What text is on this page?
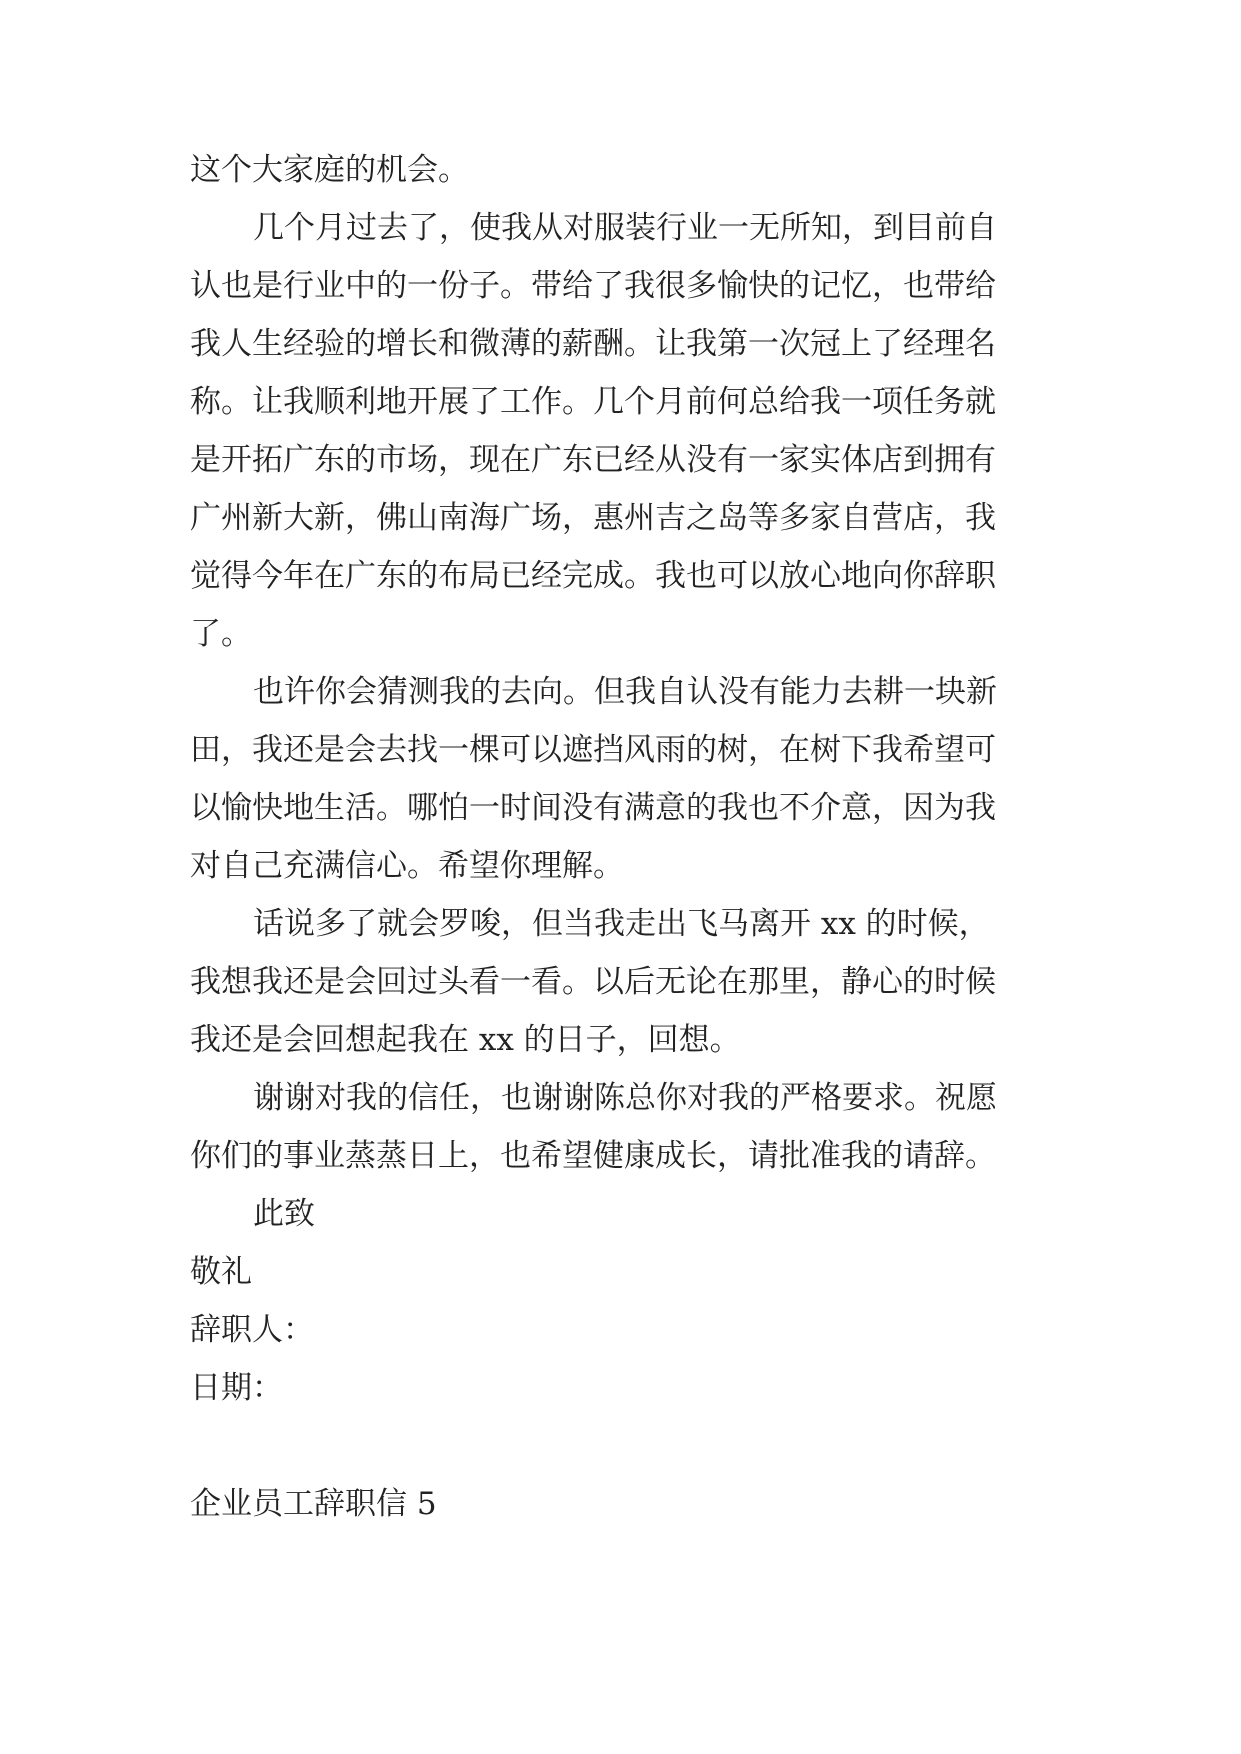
这个大家庭的机会。
几个月过去了，使我从对服装行业一无所知，到目前自
认也是行业中的一份子。带给了我很多愉快的记忆，也带给
我人生经验的增长和微薄的薪酬。让我第一次冠上了经理名
称。让我顺利地开展了工作。几个月前何总给我一项任务就
是开拓广东的市场，现在广东已经从没有一家实体店到拥有
广州新大新，佛山南海广场，惠州吉之岛等多家自营店，我
觉得今年在广东的布局已经完成。我也可以放心地向你辞职
了。
也许你会猜测我的去向。但我自认没有能力去耕一块新
田，我还是会去找一棵可以遮挡风雨的树，在树下我希望可
以愉快地生活。哪怕一时间没有满意的我也不介意，因为我
对自己充满信心。希望你理解。
话说多了就会罗唆，但当我走出飞马离开 xx 的时候，
我想我还是会回过头看一看。以后无论在那里，静心的时候
我还是会回想起我在 xx 的日子，回想。
谢谢对我的信任，也谢谢陈总你对我的严格要求。祝愿
你们的事业蒸蒸日上，也希望健康成长，请批准我的请辞。
此致
敬礼
辞职人：
日期：
企业员工辞职信 5
